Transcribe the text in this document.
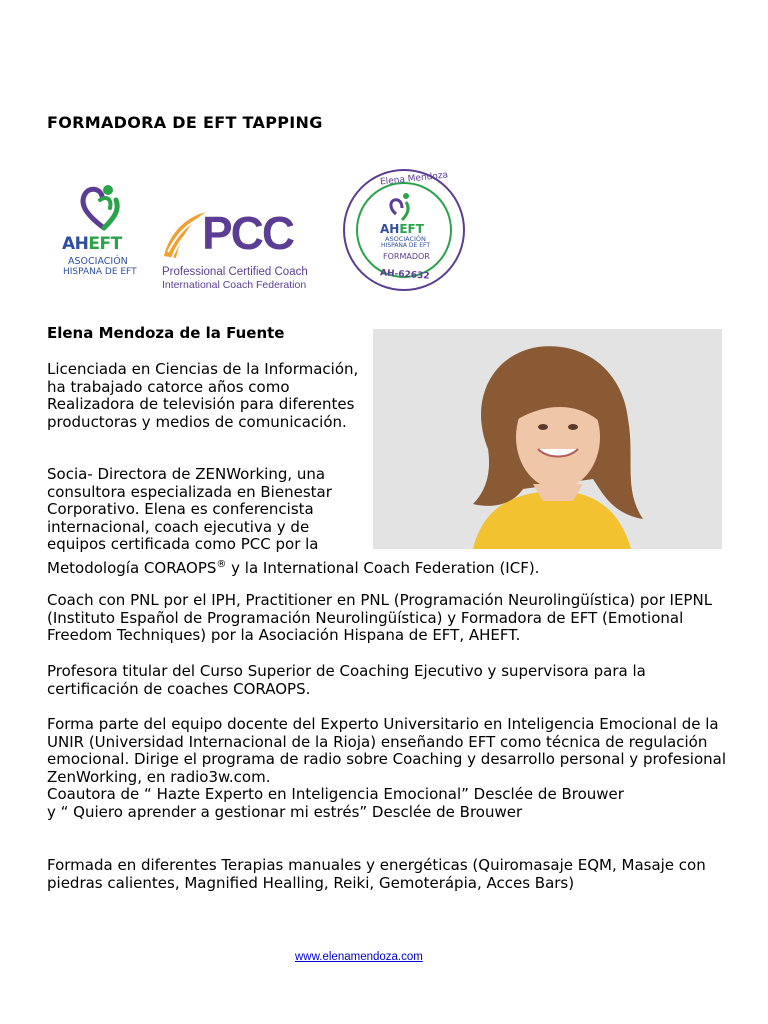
FORMADORA DE EFT TAPPING
AHEFT
ASOCIACIÓN
HISPANA DE EFT
PCC
Professional Certified Coach
International Coach Federation
Elena Mendoza
AHEFT
ASOCIACIÓN
HISPANA DE EFT
FORMADOR
AH-62632
Elena Mendoza de la Fuente
Licenciada en Ciencias de la Información, ha trabajado catorce años como Realizadora de televisión para diferentes productoras y medios de comunicación.
Socia- Directora de ZENWorking, una consultora especializada en Bienestar Corporativo. Elena es conferencista internacional, coach ejecutiva y de equipos certificada como PCC por la
Metodología CORAOPS® y la International Coach Federation (ICF).
Coach con PNL por el IPH, Practitioner en PNL (Programación Neurolingüística) por IEPNL (Instituto Español de Programación Neurolingüística) y Formadora de EFT (Emotional Freedom Techniques) por la Asociación Hispana de EFT, AHEFT.
Profesora titular del Curso Superior de Coaching Ejecutivo y supervisora para la certificación de coaches CORAOPS.
Forma parte del equipo docente del Experto Universitario en Inteligencia Emocional de la UNIR (Universidad Internacional de la Rioja) enseñando EFT como técnica de regulación emocional. Dirige el programa de radio sobre Coaching y desarrollo personal y profesional ZenWorking, en radio3w.com.
Coautora de “ Hazte Experto en Inteligencia Emocional” Desclée de Brouwer
y “ Quiero aprender a gestionar mi estrés” Desclée de Brouwer
Formada en diferentes Terapias manuales y energéticas (Quiromasaje EQM, Masaje con piedras calientes, Magnified Healling, Reiki, Gemoterápia, Acces Bars)
www.elenamendoza.com
